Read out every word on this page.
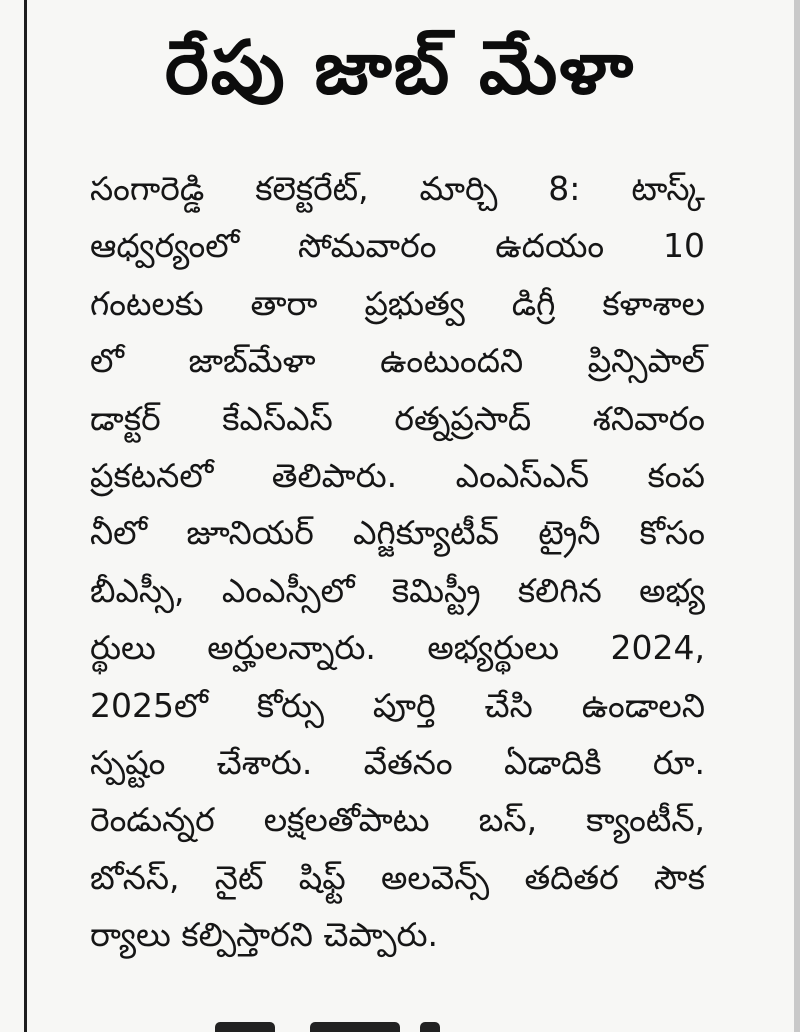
రేపు జాబ్ మేళా
సంగారెడ్డి కలెక్టరేట్, మార్చి 8: టాస్క్
ఆధ్వర్యంలో సోమవారం ఉదయం 10
గంటలకు తారా ప్రభుత్వ డిగ్రీ కళాశాల
లో జాబ్‌మేళా ఉంటుందని ప్రిన్సిపాల్
డాక్టర్ కేఎస్ఎస్ రత్నప్రసాద్ శనివారం
ప్రకటనలో తెలిపారు. ఎంఎస్ఎన్ కంప
నీలో జూనియర్ ఎగ్జిక్యూటీవ్ ట్రైనీ కోసం
బీఎస్సీ, ఎంఎస్సీలో కెమిస్ట్రీ కలిగిన అభ్య
ర్థులు అర్హులన్నారు. అభ్యర్థులు 2024,
2025లో కోర్సు పూర్తి చేసి ఉండాలని
స్పష్టం చేశారు. వేతనం ఏడాదికి రూ.
రెండున్నర లక్షలతోపాటు బస్, క్యాంటీన్,
బోనస్, నైట్ షిఫ్ట్ అలవెన్స్ తదితర సౌక
ర్యాలు కల్పిస్తారని చెప్పారు.
